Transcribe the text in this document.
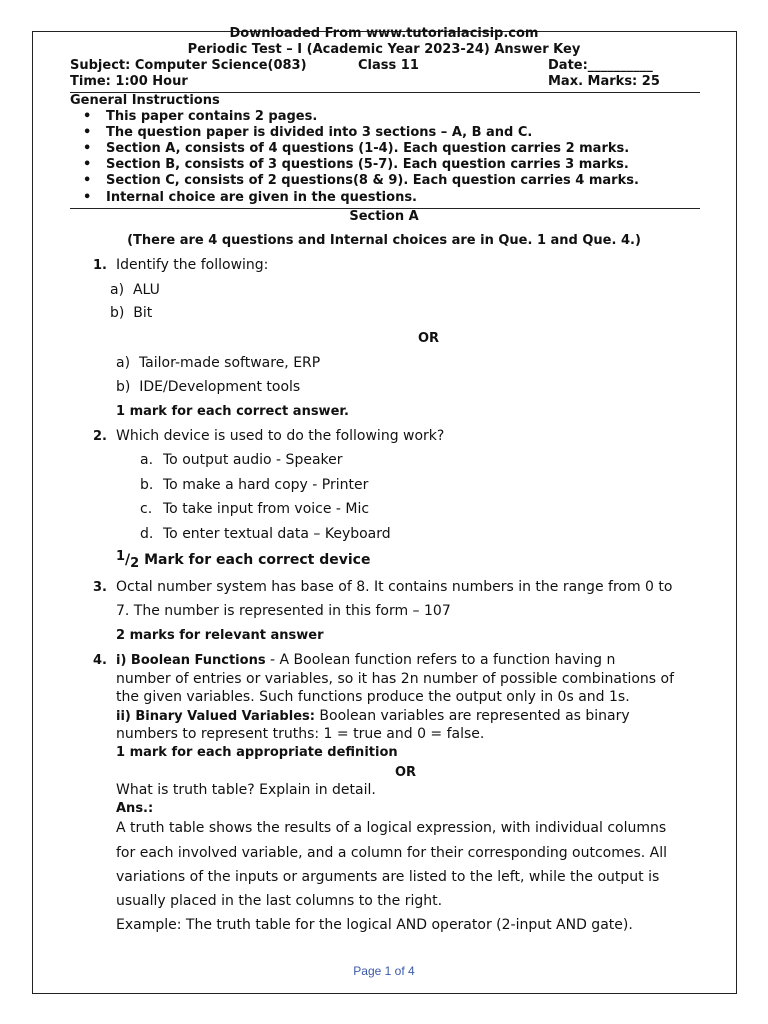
Downloaded From www.tutorialacisip.com
Periodic Test – I (Academic Year 2023-24) Answer Key
Subject: Computer Science(083)	Class 11	Date:__________
Time: 1:00 Hour	Max. Marks: 25
General Instructions
• This paper contains 2 pages.
• The question paper is divided into 3 sections – A, B and C.
• Section A, consists of 4 questions (1-4). Each question carries 2 marks.
• Section B, consists of 3 questions (5-7). Each question carries 3 marks.
• Section C, consists of 2 questions(8 & 9). Each question carries 4 marks.
• Internal choice are given in the questions.
Section A
(There are 4 questions and Internal choices are in Que. 1 and Que. 4.)
1. Identify the following:
a)  ALU
b)  Bit
OR
a)  Tailor-made software, ERP
b)  IDE/Development tools
1 mark for each correct answer.
2. Which device is used to do the following work?
a. To output audio - Speaker
b. To make a hard copy - Printer
c. To take input from voice - Mic
d. To enter textual data – Keyboard
$^1/_2$ Mark for each correct device
3. Octal number system has base of 8. It contains numbers in the range from 0 to
7. The number is represented in this form – 107
2 marks for relevant answer
4. i) Boolean Functions - A Boolean function refers to a function having n
number of entries or variables, so it has 2n number of possible combinations of
the given variables. Such functions produce the output only in 0s and 1s.
ii) Binary Valued Variables: Boolean variables are represented as binary
numbers to represent truths: 1 = true and 0 = false.
1 mark for each appropriate definition
OR
What is truth table? Explain in detail.
Ans.:
A truth table shows the results of a logical expression, with individual columns
for each involved variable, and a column for their corresponding outcomes. All
variations of the inputs or arguments are listed to the left, while the output is
usually placed in the last columns to the right.
Example: The truth table for the logical AND operator (2-input AND gate).
Page 1 of 4
